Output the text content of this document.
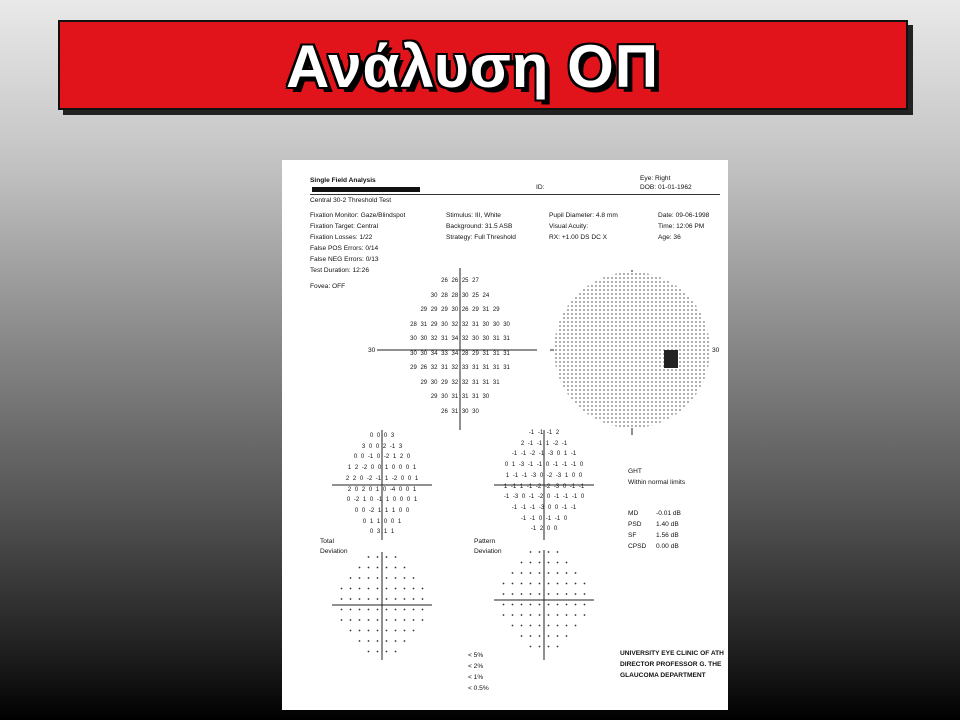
Ανάλυση ΟΠ
Single Field Analysis	Eye: Right
ID:	DOB: 01-01-1962
Central 30-2 Threshold Test
Fixation Monitor: Gaze/Blindspot
Fixation Target: Central
Fixation Losses: 1/22
False POS Errors: 0/14
False NEG Errors: 0/13
Test Duration: 12:26
Fovea: OFF
Stimulus: III, White
Background: 31.5 ASB
Strategy: Full Threshold
Pupil Diameter: 4.8 mm
Visual Acuity:
RX: +1.00 DS DC X
Date: 09-06-1998
Time: 12:06 PM
Age: 36
30	30
26 26 25 27
30 28 28 30 25 24
29 29 29 30 26 29 31 29
28 31 29 30 32 32 31 30 30 30
30 30 32 31 34 32 30 30 31 31
30 30 34 33 34 28 29 31 31 31
29 26 32 31 32 33 31 31 31 31
29 30 29 32 32 31 31 31
29 30 31 31 31 30
26 31 30 30
0 0 0 3
3 0 0 2 -1 3
0 0 -1 0 -2 1 2 0
1 2 -2 0 0 1 0 0 0 1
2 2 0 -2 -1 1 -2 0 0 1
2 0 2 0 1 0 -4 0 0 1
0 -2 1 0 -1 1 0 0 0 1
0 0 -2 1 1 1 0 0
0 1 1 0 0 1
0 3 1 1
-1 -1 -1 2
2 -1 -1 1 -2 -1
-1 -1 -2 -1 -3 0 1 -1
0 1 -3 -1 -1 0 -1 -1 -1 0
1 -1 -1 -3 0 -2 -3 1 0 0
1 -1 1 -1 -2 -2 -3 0 -1 -1
-1 -3 0 -1 -2 0 -1 -1 -1 0
-1 -1 -1 -3 0 0 -1 -1
-1 -1 0 -1 -1 0
-1 2 0 0
Total
Deviation
Pattern
Deviation
GHT
Within normal limits
MD	-0.01 dB
PSD 1.40 dB
SF	1.56 dB
CPSD 0.00 dB
< 5%
< 2%
< 1%
< 0.5%
UNIVERSITY EYE CLINIC OF ATH
DIRECTOR PROFESSOR G. THE
GLAUCOMA DEPARTMENT
